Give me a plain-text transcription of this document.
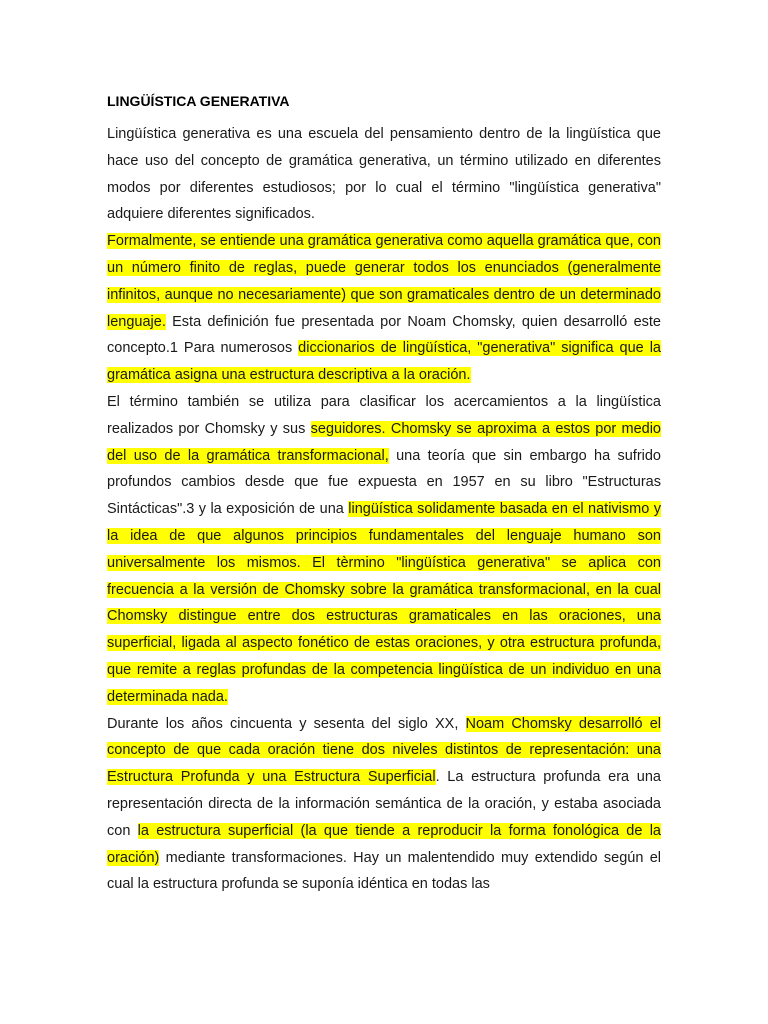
LINGÜÍSTICA GENERATIVA

Lingüística generativa es una escuela del pensamiento dentro de la lingüística que hace uso del concepto de gramática generativa, un término utilizado en diferentes modos por diferentes estudiosos; por lo cual el término "lingüística generativa" adquiere diferentes significados.

Formalmente, se entiende una gramática generativa como aquella gramática que, con un número finito de reglas, puede generar todos los enunciados (generalmente infinitos, aunque no necesariamente) que son gramaticales dentro de un determinado lenguaje. Esta definición fue presentada por Noam Chomsky, quien desarrolló este concepto.1 Para numerosos diccionarios de lingüística, "generativa" significa que la gramática asigna una estructura descriptiva a la oración.

El término también se utiliza para clasificar los acercamientos a la lingüística realizados por Chomsky y sus seguidores. Chomsky se aproxima a estos por medio del uso de la gramática transformacional, una teoría que sin embargo ha sufrido profundos cambios desde que fue expuesta en 1957 en su libro "Estructuras Sintácticas".3 y la exposición de una lingüística solidamente basada en el nativismo y la idea de que algunos principios fundamentales del lenguaje humano son universalmente los mismos. El tèrmino "lingüística generativa" se aplica con frecuencia a la versión de Chomsky sobre la gramática transformacional, en la cual Chomsky distingue entre dos estructuras gramaticales en las oraciones, una superficial, ligada al aspecto fonético de estas oraciones, y otra estructura profunda, que remite a reglas profundas de la competencia lingüística de un individuo en una determinada nada.

Durante los años cincuenta y sesenta del siglo XX, Noam Chomsky desarrolló el concepto de que cada oración tiene dos niveles distintos de representación: una Estructura Profunda y una Estructura Superficial. La estructura profunda era una representación directa de la información semántica de la oración, y estaba asociada con la estructura superficial (la que tiende a reproducir la forma fonológica de la oración) mediante transformaciones. Hay un malentendido muy extendido según el cual la estructura profunda se suponía idéntica en todas las
